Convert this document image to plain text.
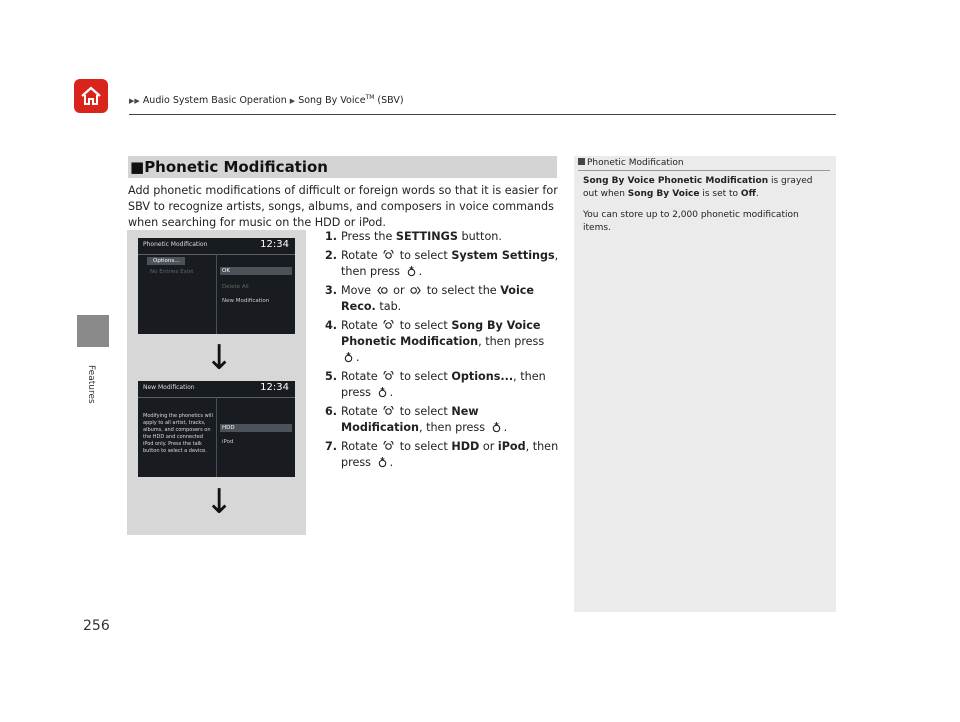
▶▶ Audio System Basic Operation ▶ Song By Voice™ (SBV)
Features
256
■Phonetic Modification
Add phonetic modifications of difficult or foreign words so that it is easier for SBV to recognize artists, songs, albums, and composers in voice commands when searching for music on the HDD or iPod.
Phonetic Modification	12:34
Options...
No Entries Exist	OK
Delete All
New Modification
↓
New Modification	12:34
Modifying the phonetics will apply to all artist, tracks, albums, and composers on the HDD and connected iPod only. Press the talk button to select a device.
HDD
iPod
↓
1. Press the SETTINGS button.
2. Rotate to select System Settings, then press .
3. Move or to select the Voice Reco. tab.
4. Rotate to select Song By Voice Phonetic Modification, then press .
5. Rotate to select Options..., then press .
6. Rotate to select New Modification, then press .
7. Rotate to select HDD or iPod, then press .
Phonetic Modification

Song By Voice Phonetic Modification is grayed out when Song By Voice is set to Off.

You can store up to 2,000 phonetic modification items.
